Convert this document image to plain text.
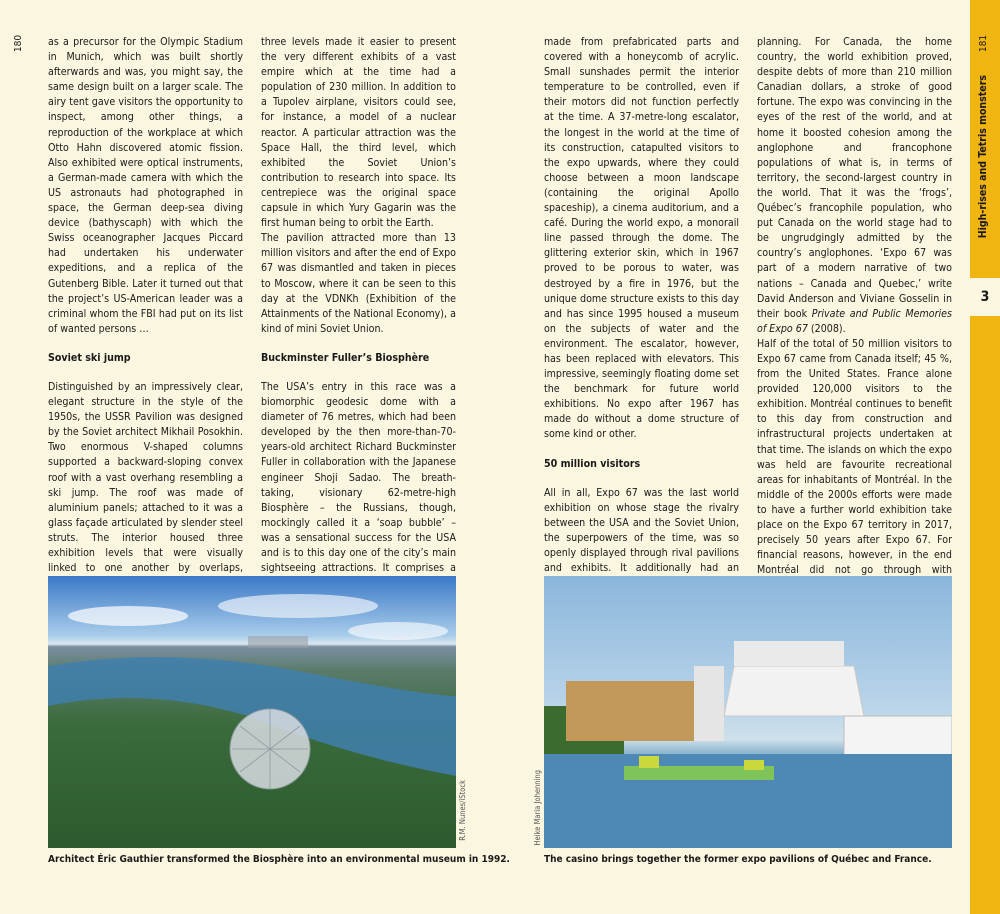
180 as a precursor for the Olympic Stadium in Munich, which was built shortly afterwards and was, you might say, the same design built on a larger scale. The airy tent gave visitors the opportunity to inspect, among other things, a reproduction of the workplace at which Otto Hahn discovered atomic fission. Also exhibited were optical instruments, a German-made camera with which the US astronauts had photographed in space, the German deep-sea diving device (bathyscaph) with which the Swiss oceanographer Jacques Piccard had undertaken his underwater expeditions, and a replica of the Gutenberg Bible. Later it turned out that the project’s US-American leader was a criminal whom the FBI had put on its list of wanted persons …

Soviet ski jump

Distinguished by an impressively clear, elegant structure in the style of the 1950s, the USSR Pavilion was designed by the Soviet architect Mikhail Posokhin. Two enormous V-shaped columns supported a backward-sloping convex roof with a vast overhang resembling a ski jump. The roof was made of aluminium panels; attached to it was a glass façade articulated by slender steel struts. The interior housed three exhibition levels that were visually linked to one another by overlaps,

three levels made it easier to present the very different exhibits of a vast empire which at the time had a population of 230 million. In addition to a Tupolev airplane, visitors could see, for instance, a model of a nuclear reactor. A particular attraction was the Space Hall, the third level, which exhibited the Soviet Union’s contribution to research into space. Its centrepiece was the original space capsule in which Yury Gagarin was the first human being to orbit the Earth.

The pavilion attracted more than 13 million visitors and after the end of Expo 67 was dismantled and taken in pieces to Moscow, where it can be seen to this day at the VDNKh (Exhibition of the Attainments of the National Economy), a kind of mini Soviet Union.

Buckminster Fuller’s Biosphère

The USA’s entry in this race was a biomorphic geodesic dome with a diameter of 76 metres, which had been developed by the then more-than-70-years-old architect Richard Buckminster Fuller in collaboration with the Japanese engineer Shoji Sadao. The breath-taking, visionary 62-metre-high Biosphère – the Russians, though, mockingly called it a ‘soap bubble’ – was a sensational success for the USA and is to this day one of the city’s main sightseeing attractions. It comprises a

made from prefabricated parts and covered with a honeycomb of acrylic. Small sunshades permit the interior temperature to be controlled, even if their motors did not function perfectly at the time. A 37-metre-long escalator, the longest in the world at the time of its construction, catapulted visitors to the expo upwards, where they could choose between a moon landscape (containing the original Apollo spaceship), a cinema auditorium, and a café. During the world expo, a monorail line passed through the dome. The glittering exterior skin, which in 1967 proved to be porous to water, was destroyed by a fire in 1976, but the unique dome structure exists to this day and has since 1995 housed a museum on the subjects of water and the environment. The escalator, however, has been replaced with elevators. This impressive, seemingly floating dome set the benchmark for future world exhibitions. No expo after 1967 has made do without a dome structure of some kind or other.

50 million visitors

All in all, Expo 67 was the last world exhibition on whose stage the rivalry between the USA and the Soviet Union, the superpowers of the time, was so openly displayed through rival pavilions and exhibits. It additionally had an

planning. For Canada, the home country, the world exhibition proved, despite debts of more than 210 million Canadian dollars, a stroke of good fortune. The expo was convincing in the eyes of the rest of the world, and at home it boosted cohesion among the anglophone and francophone populations of what is, in terms of territory, the second-largest country in the world. That it was the ‘frogs’, Québec’s francophile population, who put Canada on the world stage had to be ungrudgingly admitted by the country’s anglophones. ‘Expo 67 was part of a modern narrative of two nations – Canada and Quebec,’ write David Anderson and Viviane Gosselin in their book Private and Public Memories of Expo 67 (2008).

Half of the total of 50 million visitors to Expo 67 came from Canada itself; 45 %, from the United States. France alone provided 120,000 visitors to the exhibition. Montréal continues to benefit to this day from construction and infrastructural projects undertaken at that time. The islands on which the expo was held are favourite recreational areas for inhabitants of Montréal. In the middle of the 2000s efforts were made to have a further world exhibition take place on the Expo 67 territory in 2017, precisely 50 years after Expo 67. For financial reasons, however, in the end Montréal did not go through with

R.M. Nunes/iStock	Heike Maria Johenning
Architect Éric Gauthier transformed the Biosphère into an environmental museum in 1992.	The casino brings together the former expo pavilions of Québec and France.
High-rises and Tetris monsters
3
181
